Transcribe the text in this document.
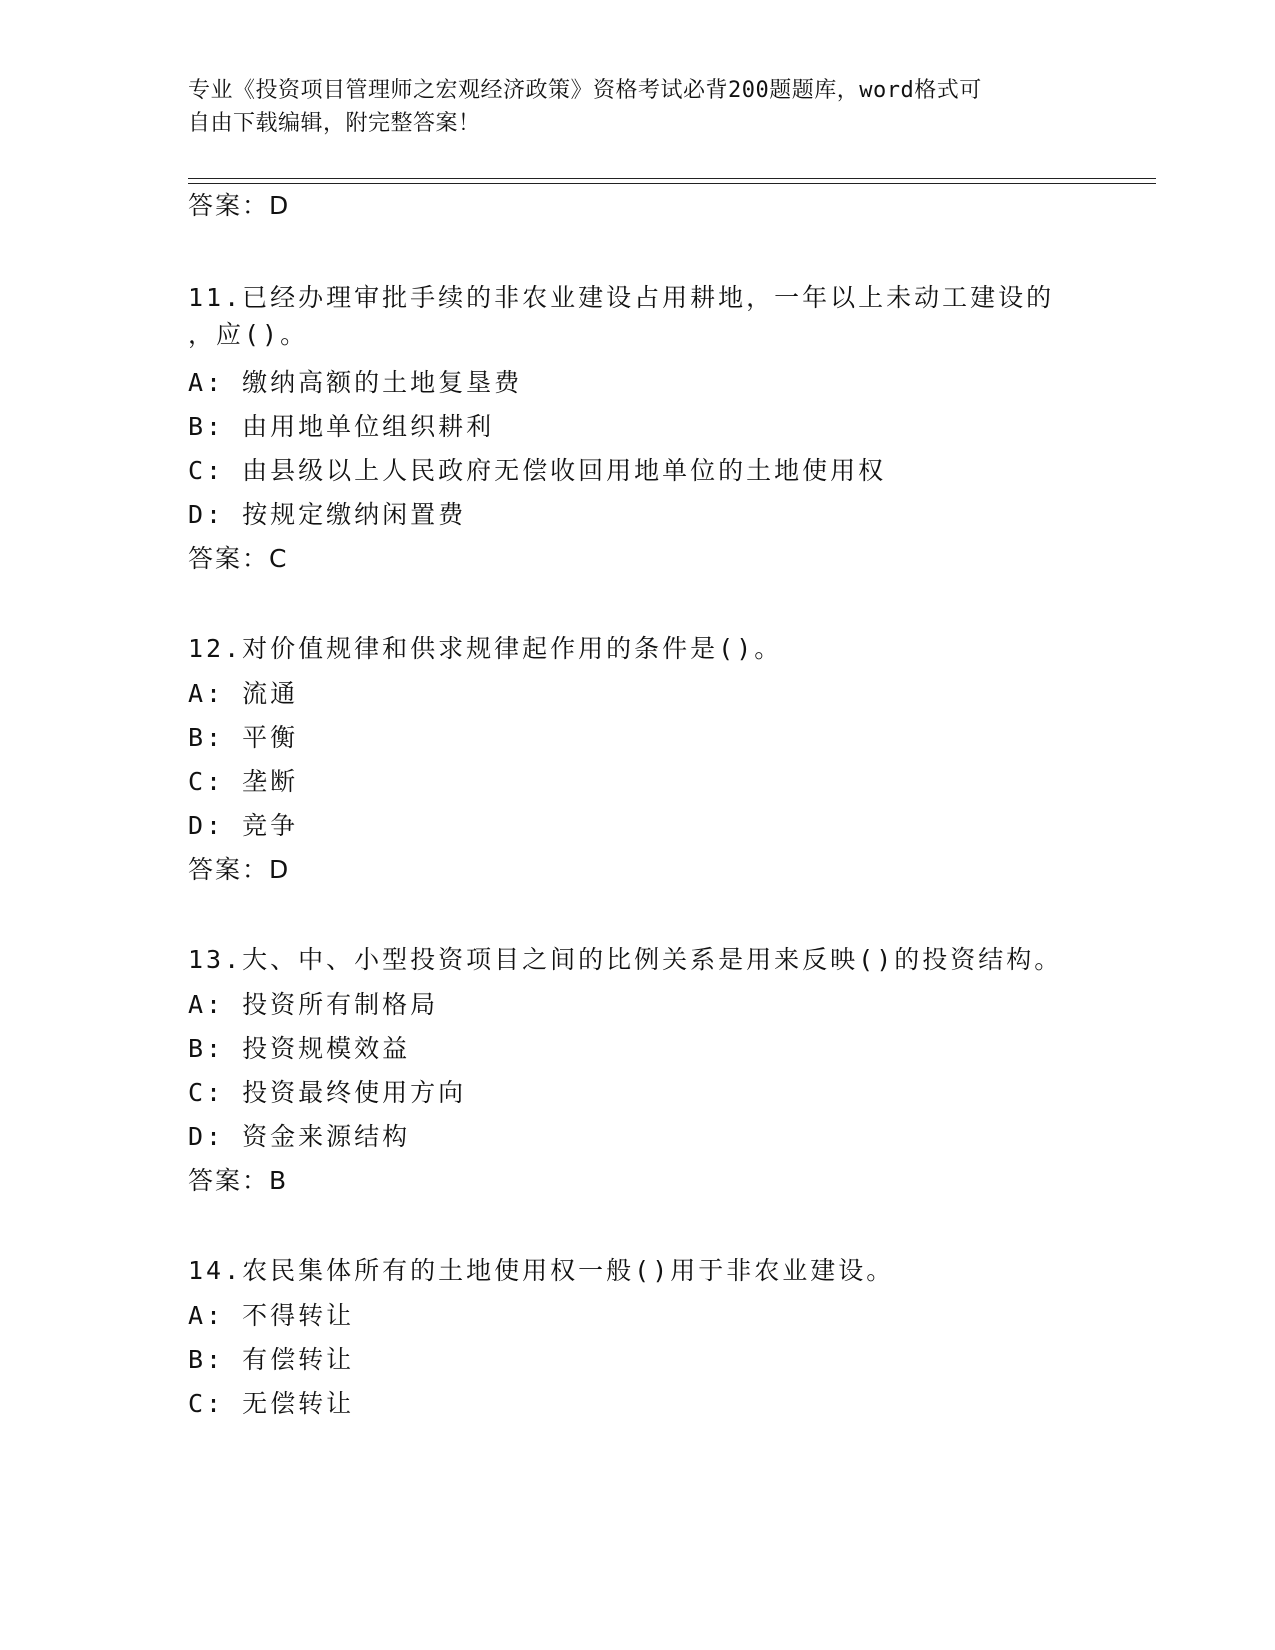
专业《投资项目管理师之宏观经济政策》资格考试必背200题题库，word格式可
自由下载编辑，附完整答案！
答案：D
11.已经办理审批手续的非农业建设占用耕地，一年以上未动工建设的
，应()。
A: 缴纳高额的土地复垦费
B: 由用地单位组织耕利
C: 由县级以上人民政府无偿收回用地单位的土地使用权
D: 按规定缴纳闲置费
答案：C
12.对价值规律和供求规律起作用的条件是()。
A: 流通
B: 平衡
C: 垄断
D: 竞争
答案：D
13.大、中、小型投资项目之间的比例关系是用来反映()的投资结构。
A: 投资所有制格局
B: 投资规模效益
C: 投资最终使用方向
D: 资金来源结构
答案：B
14.农民集体所有的土地使用权一般()用于非农业建设。
A: 不得转让
B: 有偿转让
C: 无偿转让
